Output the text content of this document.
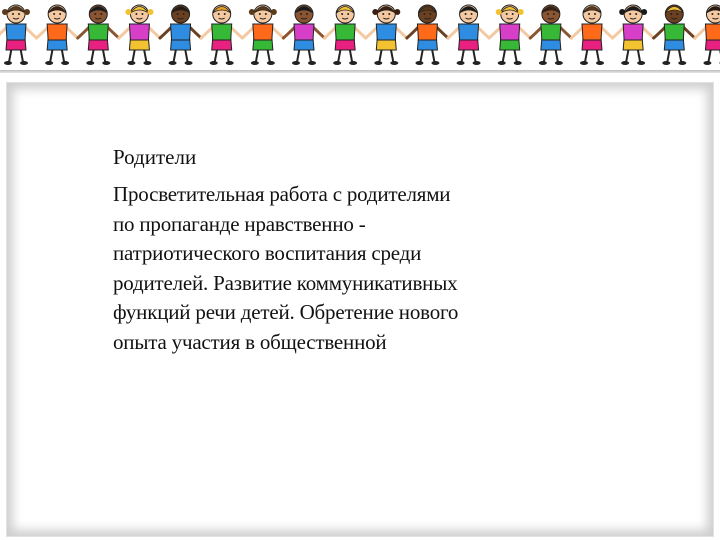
Родители

Просветительная работа с родителями
по пропаганде нравственно -
патриотического воспитания среди
родителей. Развитие коммуникативных
функций речи детей. Обретение нового
опыта участия в общественной
